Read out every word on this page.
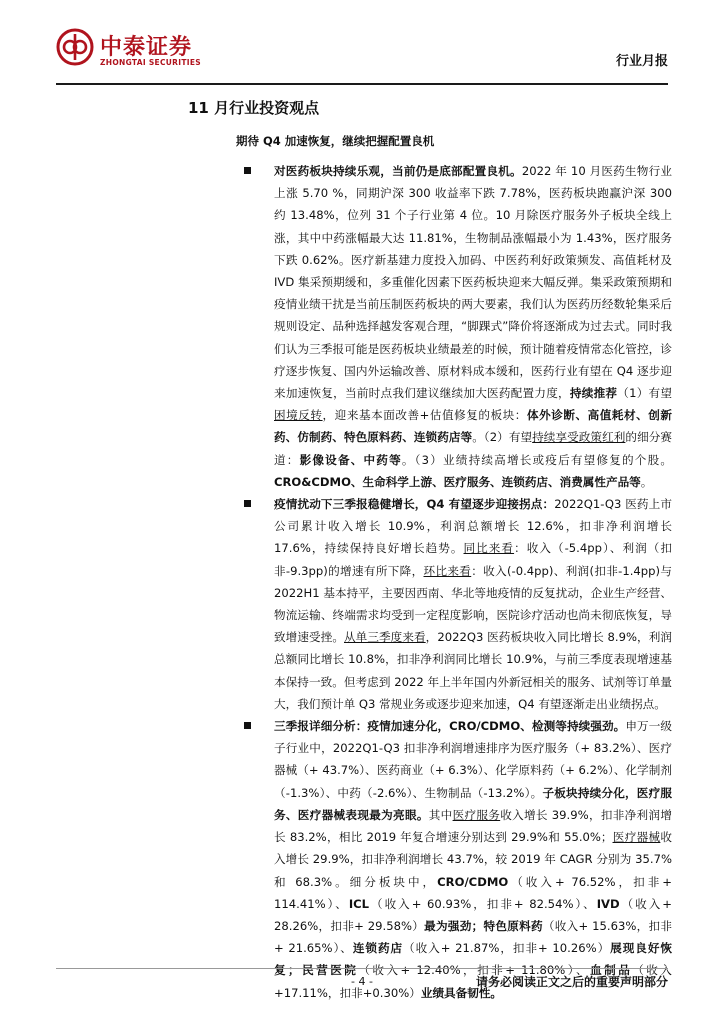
中泰证券
ZHONGTAI SECURITIES	行业月报
11 月行业投资观点
期待 Q4 加速恢复，继续把握配置良机
对医药板块持续乐观，当前仍是底部配置良机。2022 年 10 月医药生物行业上涨 5.70 %，同期沪深 300 收益率下跌 7.78%，医药板块跑赢沪深 300 约 13.48%，位列 31 个子行业第 4 位。10 月除医疗服务外子板块全线上涨，其中中药涨幅最大达 11.81%，生物制品涨幅最小为 1.43%，医疗服务下跌 0.62%。医疗新基建力度投入加码、中医药利好政策频发、高值耗材及 IVD 集采预期缓和，多重催化因素下医药板块迎来大幅反弹。集采政策预期和疫情业绩干扰是当前压制医药板块的两大要素，我们认为医药历经数轮集采后规则设定、品种选择越发客观合理，“脚踝式”降价将逐渐成为过去式。同时我们认为三季报可能是医药板块业绩最差的时候，预计随着疫情常态化管控，诊疗逐步恢复、国内外运输改善、原材料成本缓和，医药行业有望在 Q4 逐步迎来加速恢复，当前时点我们建议继续加大医药配置力度，持续推荐（1）有望困境反转，迎来基本面改善+估值修复的板块：体外诊断、高值耗材、创新药、仿制药、特色原料药、连锁药店等。（2）有望持续享受政策红利的细分赛道：影像设备、中药等。（3）业绩持续高增长或疫后有望修复的个股。CRO&CDMO、生命科学上游、医疗服务、连锁药店、消费属性产品等。
疫情扰动下三季报稳健增长，Q4 有望逐步迎接拐点：2022Q1-Q3 医药上市公司累计收入增长 10.9%，利润总额增长 12.6%，扣非净利润增长 17.6%，持续保持良好增长趋势。同比来看：收入（-5.4pp）、利润（扣非-9.3pp)的增速有所下降，环比来看：收入(-0.4pp)、利润(扣非-1.4pp)与2022H1 基本持平，主要因西南、华北等地疫情的反复扰动，企业生产经营、物流运输、终端需求均受到一定程度影响，医院诊疗活动也尚未彻底恢复，导致增速受挫。从单三季度来看，2022Q3 医药板块收入同比增长 8.9%，利润总额同比增长 10.8%，扣非净利润同比增长 10.9%，与前三季度表现增速基本保持一致。但考虑到 2022 年上半年国内外新冠相关的服务、试剂等订单量大，我们预计单 Q3 常规业务或逐步迎来加速，Q4 有望逐渐走出业绩拐点。
三季报详细分析：疫情加速分化，CRO/CDMO、检测等持续强劲。申万一级子行业中，2022Q1-Q3 扣非净利润增速排序为医疗服务（+ 83.2%）、医疗器械（+ 43.7%）、医药商业（+ 6.3%）、化学原料药（+ 6.2%）、化学制剂（-1.3%）、中药（-2.6%）、生物制品（-13.2%）。子板块持续分化，医疗服务、医疗器械表现最为亮眼。其中医疗服务收入增长 39.9%，扣非净利润增长 83.2%，相比 2019 年复合增速分别达到 29.9%和 55.0%；医疗器械收入增长 29.9%，扣非净利润增长 43.7%，较 2019 年 CAGR 分别为 35.7%和 68.3%。细分板块中，CRO/CDMO（收入+ 76.52%，扣非+ 114.41%）、ICL（收入+ 60.93%，扣非+ 82.54%）、IVD（收入+ 28.26%，扣非+ 29.58%）最为强劲；特色原料药（收入+ 15.63%，扣非+ 21.65%）、连锁药店（收入+ 21.87%，扣非+ 10.26%）展现良好恢复；民营医院（收入+ 12.40%，扣非+ 11.80%）、血制品（收入+17.11%，扣非+0.30%）业绩具备韧性。
- 4 -	请务必阅读正文之后的重要声明部分
